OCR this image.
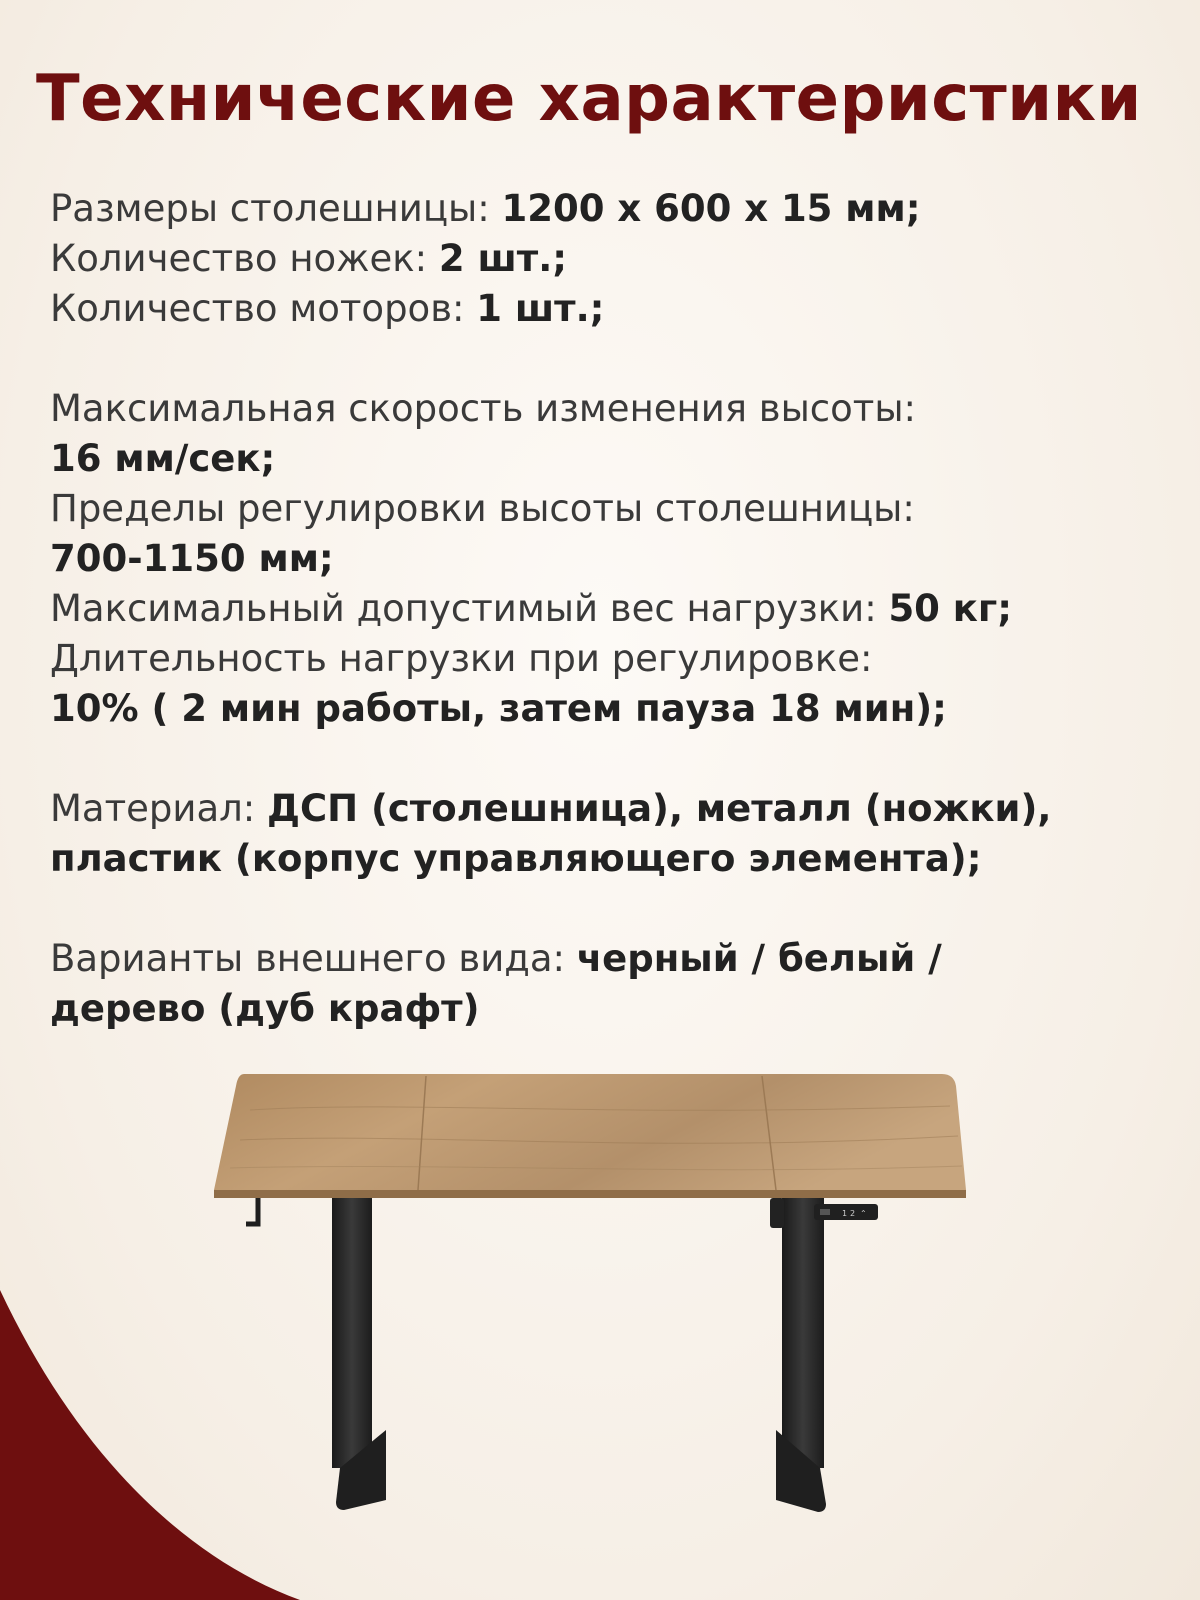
Технические характеристики
Размеры столешницы: 1200 х 600 х 15 мм;
Количество ножек: 2 шт.;
Количество моторов: 1 шт.;
Максимальная скорость изменения высоты:
16 мм/сек;
Пределы регулировки высоты столешницы:
700-1150 мм;
Максимальный допустимый вес нагрузки: 50 кг;
Длительность нагрузки при регулировке:
10% ( 2 мин работы, затем пауза 18 мин);
Материал: ДСП (столешница), металл (ножки),
пластик (корпус управляющего элемента);
Варианты внешнего вида: черный / белый /
дерево (дуб крафт)
1 2 ⌃
